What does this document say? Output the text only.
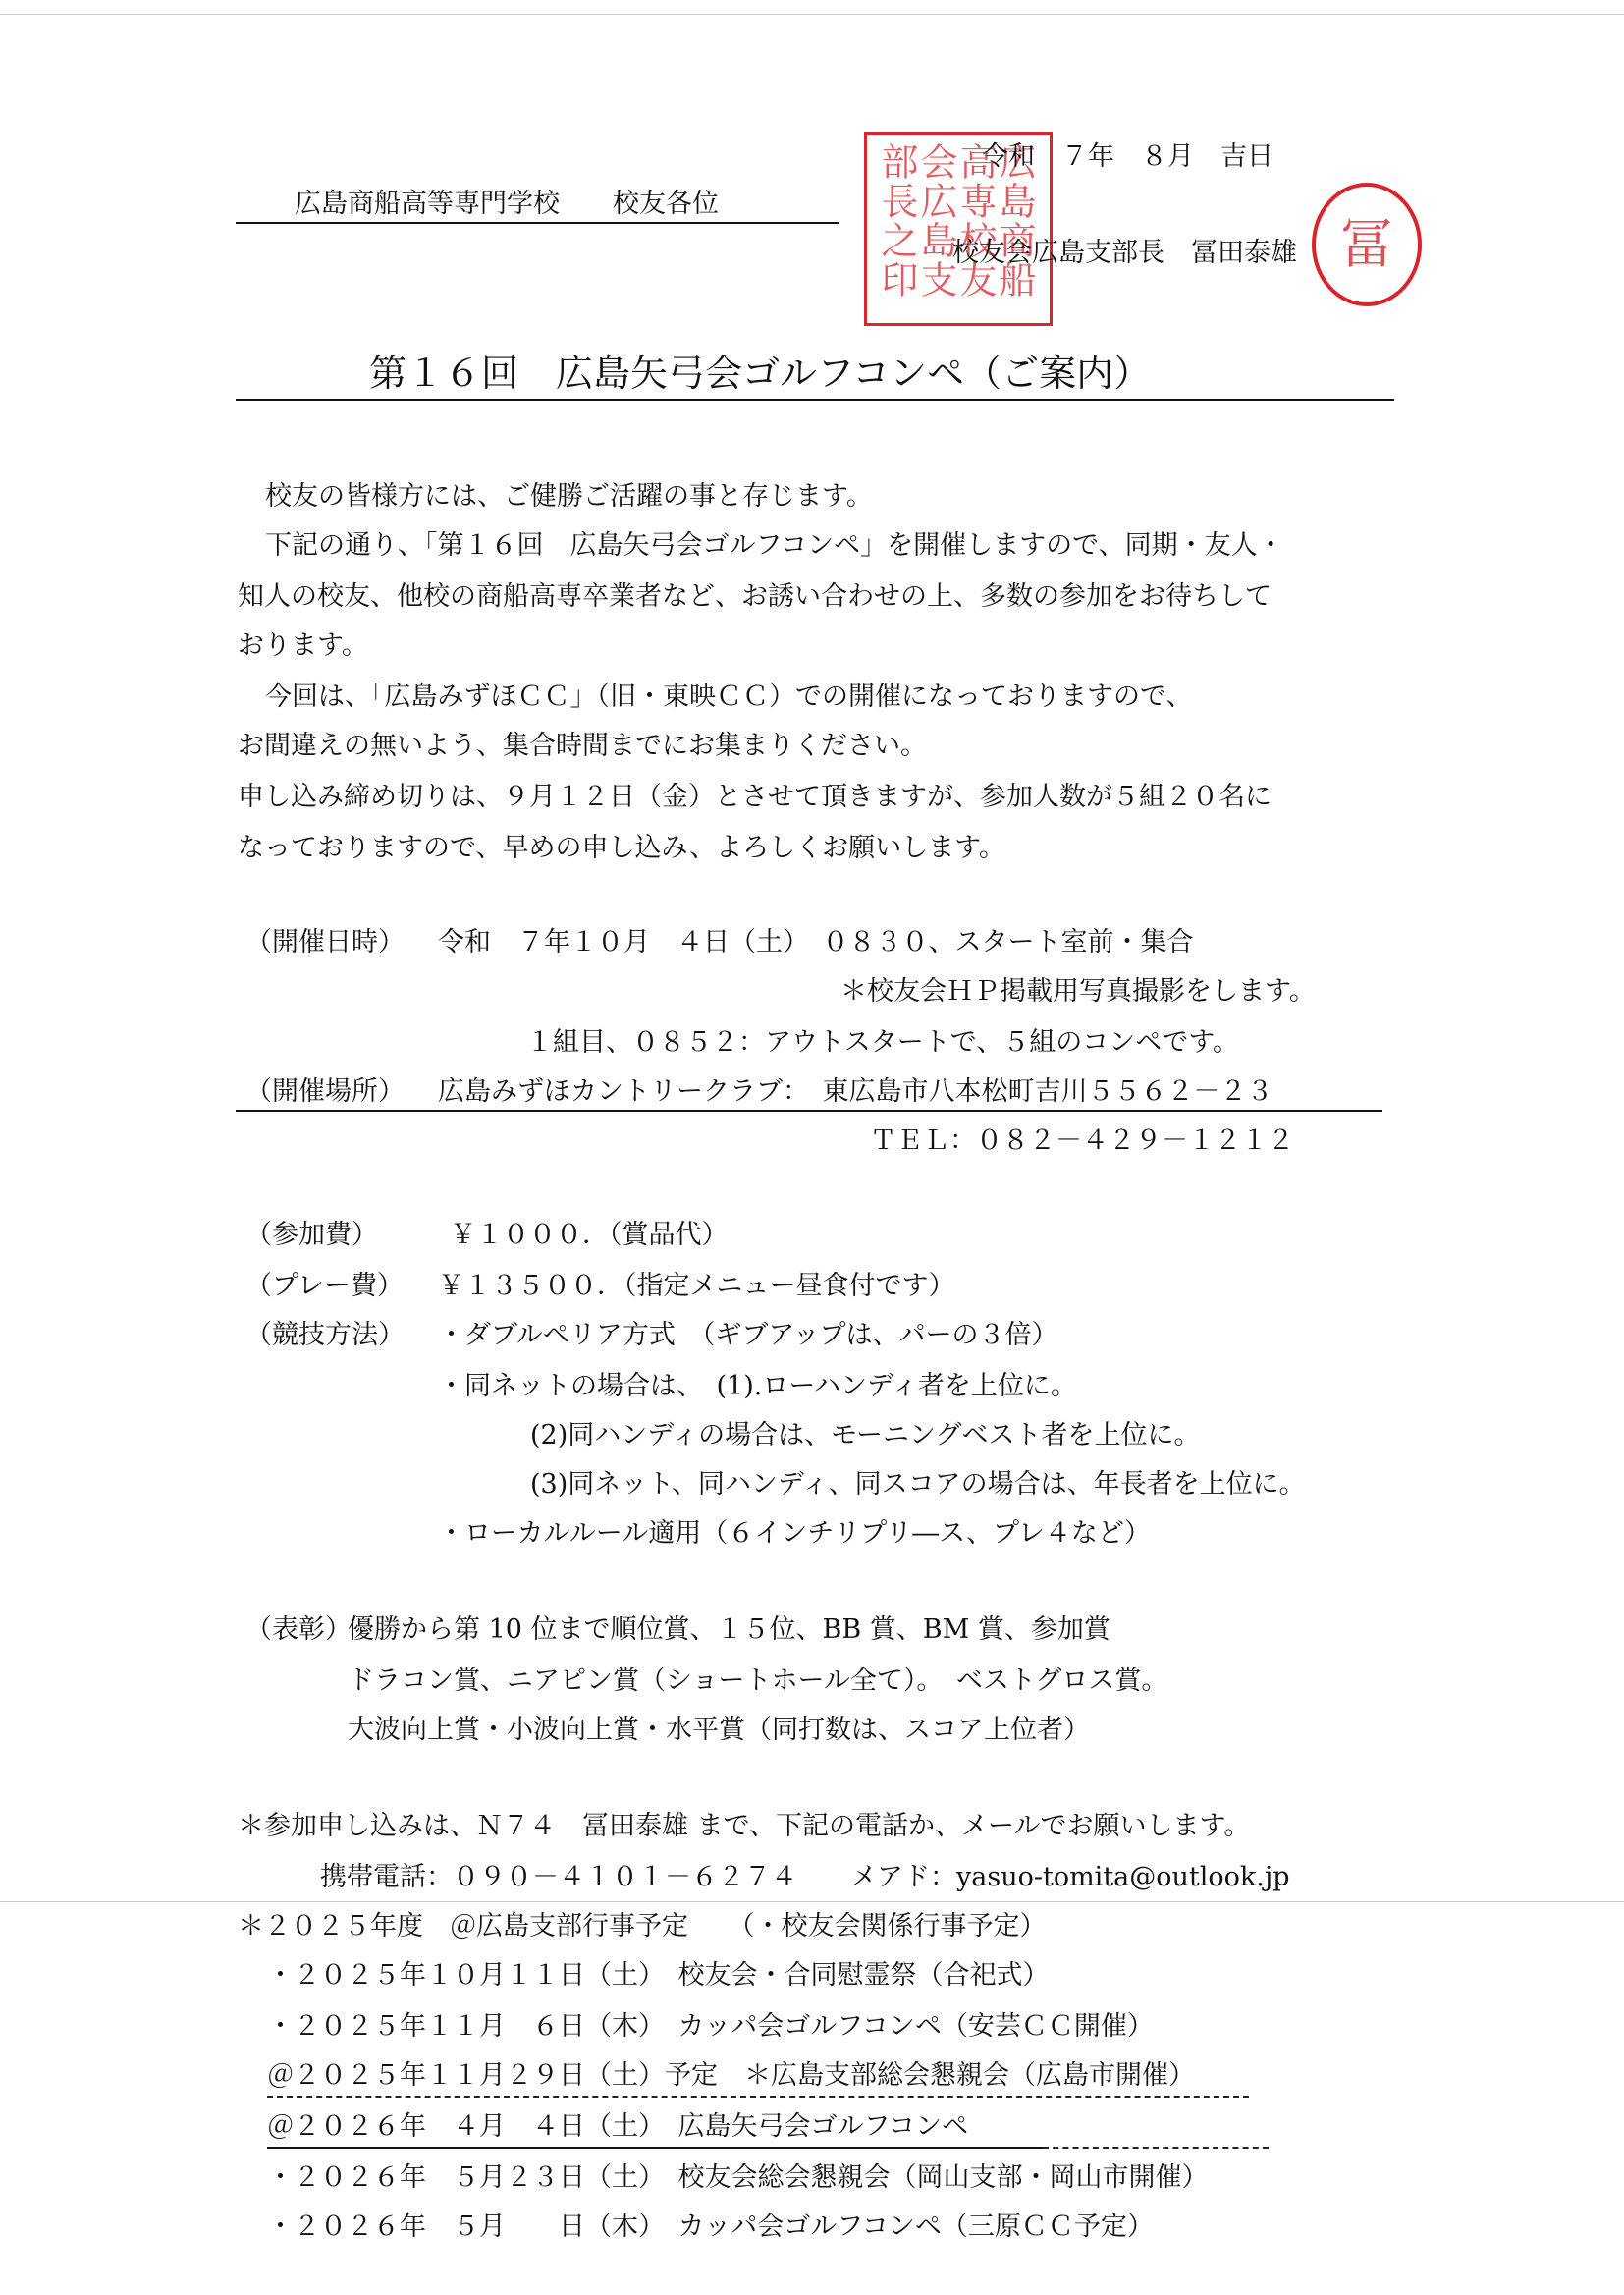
広島商船
高専校友
会広島支
部長之印	令和　７年　８月　吉日
広島商船高等専門学校　　校友各位
校友会広島支部長　冨田泰雄 冨
第１６回　広島矢弓会ゴルフコンペ（ご案内）
校友の皆様方には、ご健勝ご活躍の事と存じます。
下記の通り、「第１６回　広島矢弓会ゴルフコンペ」を開催しますので、同期・友人・
知人の校友、他校の商船高専卒業者など、お誘い合わせの上、多数の参加をお待ちして
おります。
今回は、「広島みずほＣＣ」（旧・東映ＣＣ）での開催になっておりますので、
お間違えの無いよう、集合時間までにお集まりください。
申し込み締め切りは、９月１２日（金）とさせて頂きますが、参加人数が５組２０名に
なっておりますので、早めの申し込み、よろしくお願いします。
（開催日時） 令和　７年１０月　４日（土）　０８３０、スタート室前・集合
＊校友会ＨＰ掲載用写真撮影をします。
１組目、０８５２：アウトスタートで、５組のコンペです。
（開催場所） 広島みずほカントリークラブ：　東広島市八本松町吉川５５６２－２３
ＴＥＬ：０８２－４２９－１２１２
（参加費）	￥１０００．（賞品代）
（プレー費） ￥１３５００．（指定メニュー昼食付です）
（競技方法） ・ダブルペリア方式　（ギブアップは、パーの３倍）
・同ネットの場合は、　(1).ローハンディ者を上位に。
(2)同ハンディの場合は、モーニングベスト者を上位に。
(3)同ネット、同ハンディ、同スコアの場合は、年長者を上位に。
・ローカルルール適用（６インチリプリ―ス、プレ４など）
（表彰）
優勝から第 10 位まで順位賞、１５位、BB 賞、BM 賞、参加賞
ドラコン賞、ニアピン賞（ショートホール全て）。　ベストグロス賞。
大波向上賞・小波向上賞・水平賞（同打数は、スコア上位者）
＊参加申し込みは、Ｎ７４　冨田泰雄 まで、下記の電話か、メールでお願いします。
携帯電話：０９０－４１０１－６２７４　　メアド：yasuo-tomita@outlook.jp
＊２０２５年度　＠広島支部行事予定　　（・校友会関係行事予定）
・２０２５年１０月１１日（土）　校友会・合同慰霊祭（合祀式）
・２０２５年１１月　６日（木）　カッパ会ゴルフコンペ（安芸ＣＣ開催）
＠２０２５年１１月２９日（土）予定　＊広島支部総会懇親会（広島市開催）
＠２０２６年　４月　４日（土）　広島矢弓会ゴルフコンペ
・２０２６年　５月２３日（土）　校友会総会懇親会（岡山支部・岡山市開催）
・２０２６年　５月　　日（木）　カッパ会ゴルフコンペ（三原ＣＣ予定）
